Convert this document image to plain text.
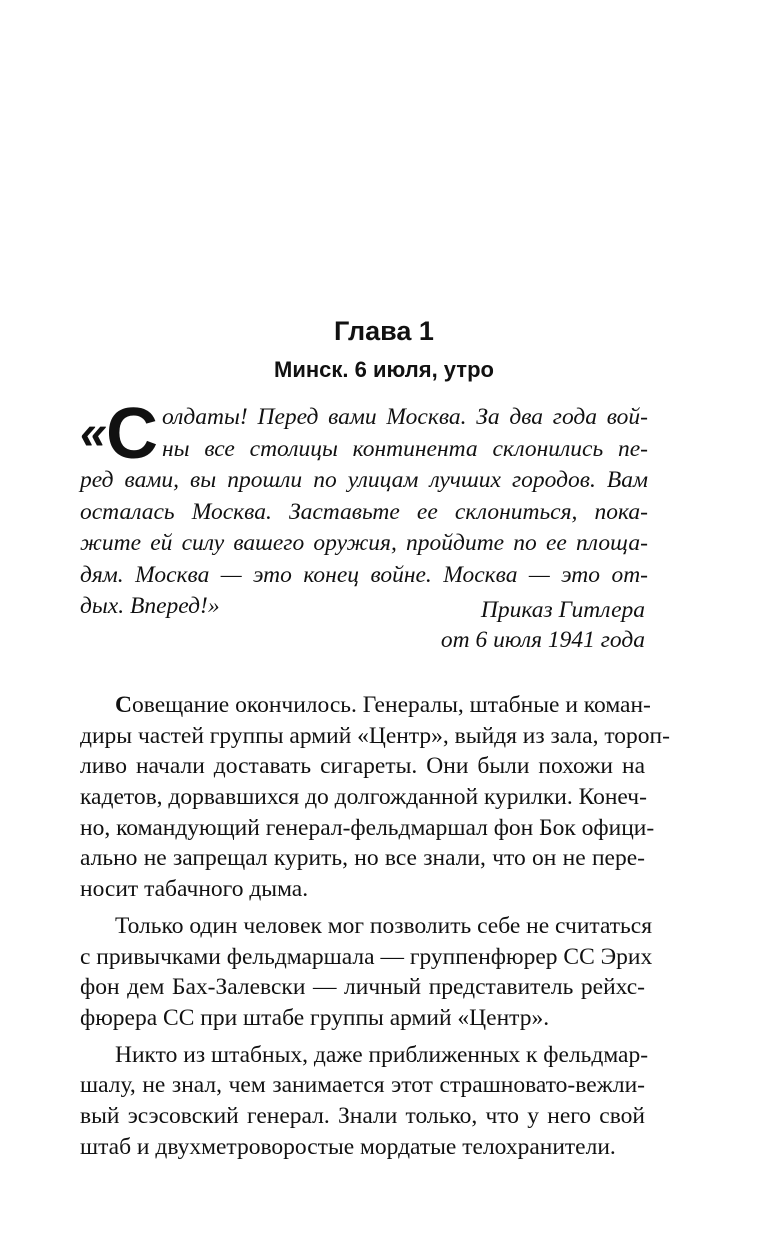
Глава 1
Минск. 6 июля, утро
« С олдаты! Перед вами Москва. За два года вой-
ны все столицы континента склонились пе-
ред вами, вы прошли по улицам лучших городов. Вам
осталась Москва. Заставьте ее склониться, пока-
жите ей силу вашего оружия, пройдите по ее площа-
дям. Москва — это конец войне. Москва — это от-
дых. Вперед!»	Приказ Гитлера
от 6 июля 1941 года
Совещание окончилось. Генералы, штабные и коман-
диры частей группы армий «Центр», выйдя из зала, тороп-
ливо начали доставать сигареты. Они были похожи на
кадетов, дорвавшихся до долгожданной курилки. Конеч-
но, командующий генерал-фельдмаршал фон Бок офици-
ально не запрещал курить, но все знали, что он не пере-
носит табачного дыма.
Только один человек мог позволить себе не считаться
с привычками фельдмаршала — группенфюрер СС Эрих
фон дем Бах-Залевски — личный представитель рейхс-
фюрера СС при штабе группы армий «Центр».
Никто из штабных, даже приближенных к фельдмар-
шалу, не знал, чем занимается этот страшновато-вежли-
вый эсэсовский генерал. Знали только, что у него свой
штаб и двухметроворостые мордатые телохранители.
